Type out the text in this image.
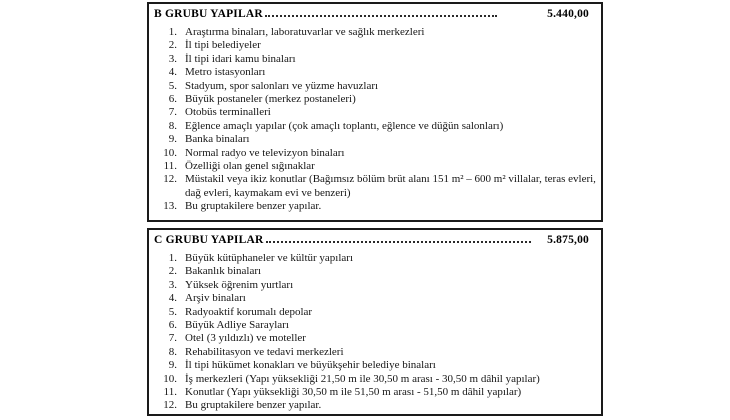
B GRUBU YAPILAR	5.440,00
1. Araştırma binaları, laboratuvarlar ve sağlık merkezleri
2. İl tipi belediyeler
3. İl tipi idari kamu binaları
4. Metro istasyonları
5. Stadyum, spor salonları ve yüzme havuzları
6. Büyük postaneler (merkez postaneleri)
7. Otobüs terminalleri
8. Eğlence amaçlı yapılar (çok amaçlı toplantı, eğlence ve düğün salonları)
9. Banka binaları
10. Normal radyo ve televizyon binaları
11. Özelliği olan genel sığınaklar
12. Müstakil veya ikiz konutlar (Bağımsız bölüm brüt alanı 151 m² – 600 m² villalar, teras evleri, dağ evleri, kaymakam evi ve benzeri)
13. Bu gruptakilere benzer yapılar.
C GRUBU YAPILAR	5.875,00
1. Büyük kütüphaneler ve kültür yapıları
2. Bakanlık binaları
3. Yüksek öğrenim yurtları
4. Arşiv binaları
5. Radyoaktif korumalı depolar
6. Büyük Adliye Sarayları
7. Otel (3 yıldızlı) ve moteller
8. Rehabilitasyon ve tedavi merkezleri
9. İl tipi hükümet konakları ve büyükşehir belediye binaları
10. İş merkezleri (Yapı yüksekliği 21,50 m ile 30,50 m arası - 30,50 m dâhil yapılar)
11. Konutlar (Yapı yüksekliği 30,50 m ile 51,50 m arası - 51,50 m dâhil yapılar)
12. Bu gruptakilere benzer yapılar.
